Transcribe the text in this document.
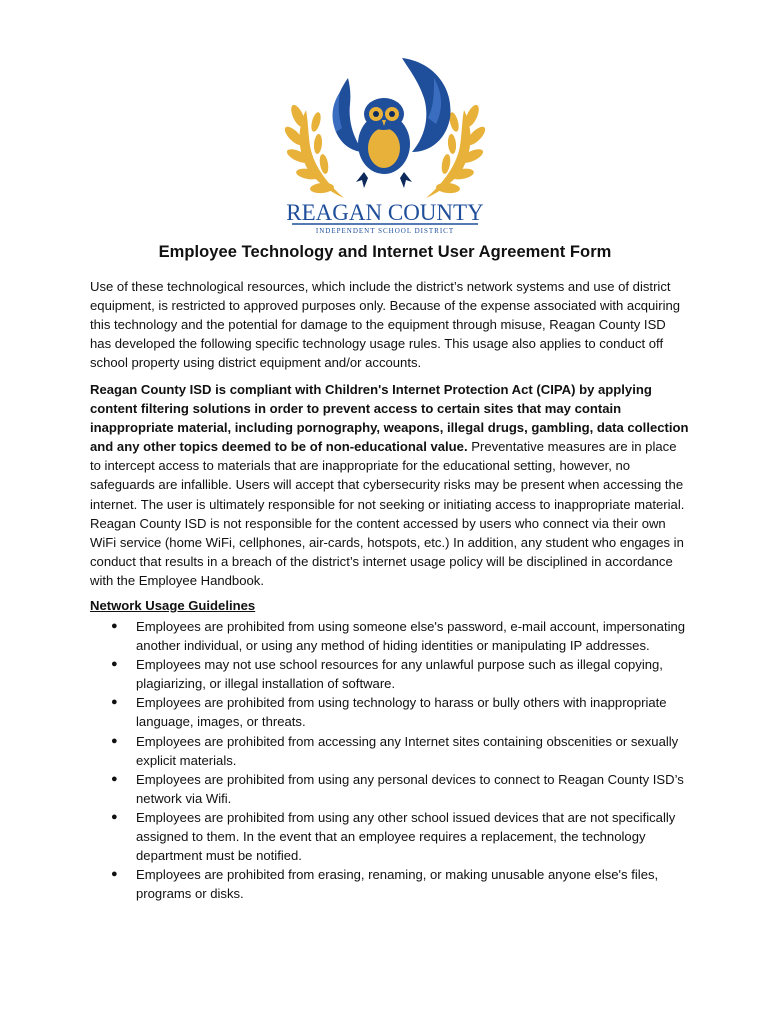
REAGAN COUNTY
INDEPENDENT SCHOOL DISTRICT
Employee Technology and Internet User Agreement Form

Use of these technological resources, which include the district’s network systems and use of district equipment, is restricted to approved purposes only. Because of the expense associated with acquiring this technology and the potential for damage to the equipment through misuse, Reagan County ISD has developed the following specific technology usage rules. This usage also applies to conduct off school property using district equipment and/or accounts.

Reagan County ISD is compliant with Children's Internet Protection Act (CIPA) by applying content filtering solutions in order to prevent access to certain sites that may contain inappropriate material, including pornography, weapons, illegal drugs, gambling, data collection and any other topics deemed to be of non-educational value. Preventative measures are in place to intercept access to materials that are inappropriate for the educational setting, however, no safeguards are infallible. Users will accept that cybersecurity risks may be present when accessing the internet. The user is ultimately responsible for not seeking or initiating access to inappropriate material. Reagan County ISD is not responsible for the content accessed by users who connect via their own WiFi service (home WiFi, cellphones, air-cards, hotspots, etc.) In addition, any student who engages in conduct that results in a breach of the district’s internet usage policy will be disciplined in accordance with the Employee Handbook.

Network Usage Guidelines
● Employees are prohibited from using someone else's password, e-mail account, impersonating another individual, or using any method of hiding identities or manipulating IP addresses.
● Employees may not use school resources for any unlawful purpose such as illegal copying, plagiarizing, or illegal installation of software.
● Employees are prohibited from using technology to harass or bully others with inappropriate language, images, or threats.
● Employees are prohibited from accessing any Internet sites containing obscenities or sexually explicit materials.
● Employees are prohibited from using any personal devices to connect to Reagan County ISD’s network via Wifi.
● Employees are prohibited from using any other school issued devices that are not specifically assigned to them. In the event that an employee requires a replacement, the technology department must be notified.
● Employees are prohibited from erasing, renaming, or making unusable anyone else's files, programs or disks.
